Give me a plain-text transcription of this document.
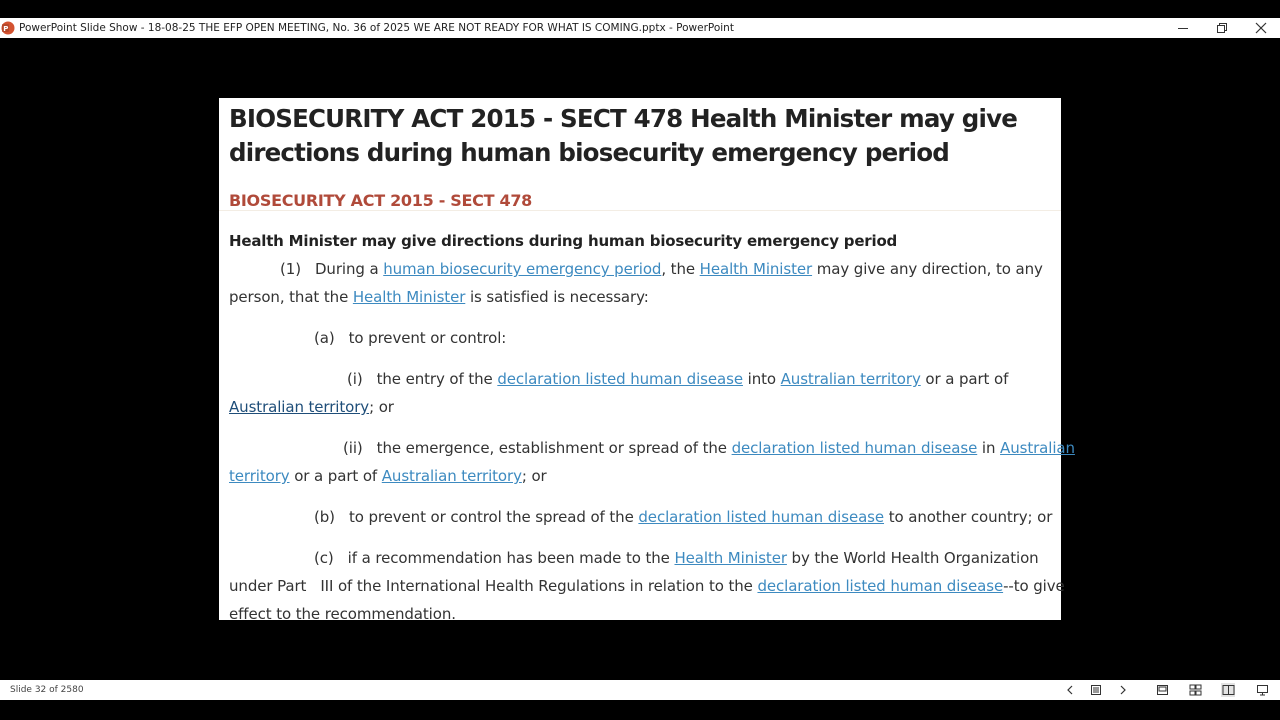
P PowerPoint Slide Show - 18-08-25 THE EFP OPEN MEETING, No. 36 of 2025 WE ARE NOT READY FOR WHAT IS COMING.pptx - PowerPoint
BIOSECURITY ACT 2015 - SECT 478 Health Minister may give directions during human biosecurity emergency period
BIOSECURITY ACT 2015 - SECT 478
Health Minister may give directions during human biosecurity emergency period
(1) During a human biosecurity emergency period, the Health Minister may give any direction, to any
person, that the Health Minister is satisfied is necessary:
(a) to prevent or control:
(i) the entry of the declaration listed human disease into Australian territory or a part of
Australian territory; or
(ii) the emergence, establishment or spread of the declaration listed human disease in Australian
territory or a part of Australian territory; or
(b) to prevent or control the spread of the declaration listed human disease to another country; or
(c) if a recommendation has been made to the Health Minister by the World Health Organization
under Part   III of the International Health Regulations in relation to the declaration listed human disease--to give
effect to the recommendation.
Slide 32 of 2580
